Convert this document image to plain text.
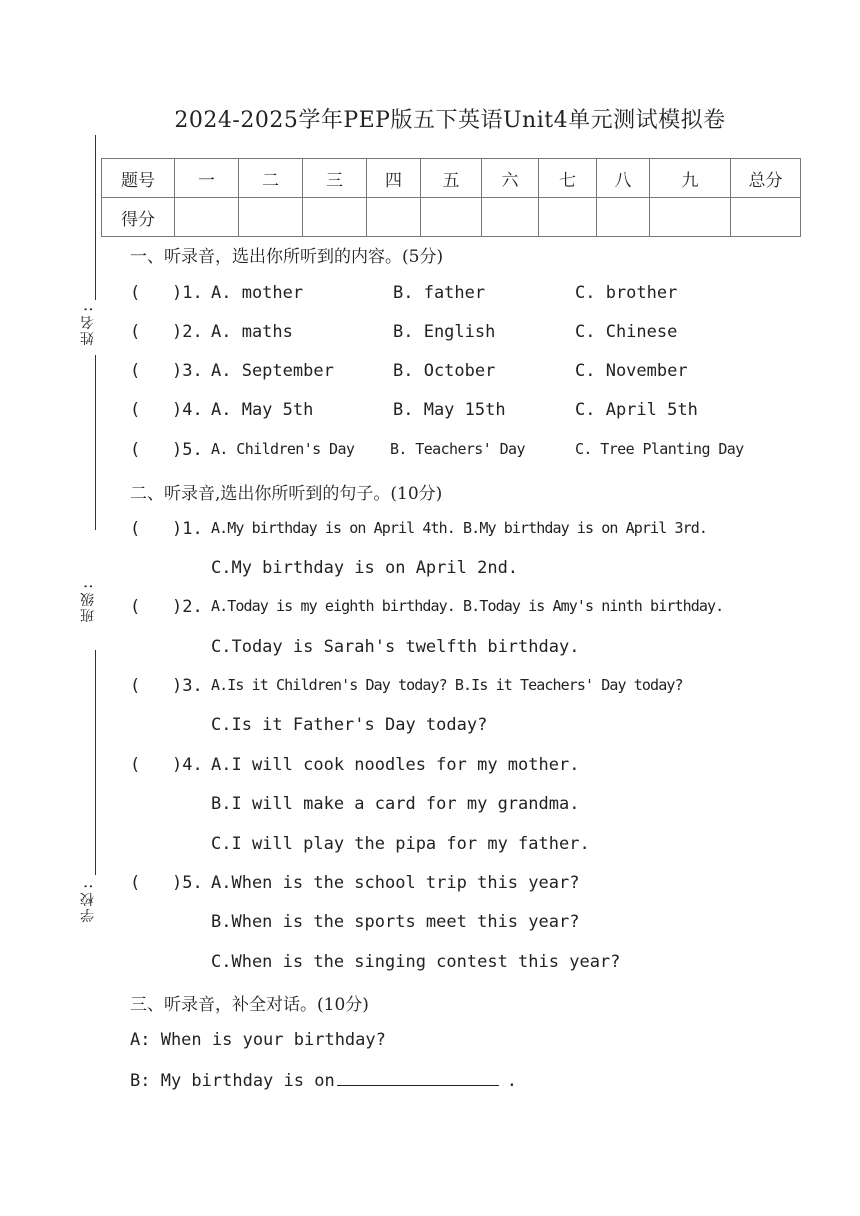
2024-2025学年PEP版五下英语Unit4单元测试模拟卷
姓名:
班级:
学校:
题号	一	二	三	四	五	六	七	八	九	总分
得分										
一、听录音，选出你所听到的内容。(5分)
( )1. A. mother	B. father	C. brother
( )2. A. maths	B. English	C. Chinese
( )3. A. September	B. October	C. November
( )4. A. May 5th	B. May 15th	C. April 5th
( )5. A. Children's Day B. Teachers' Day	C. Tree Planting Day
二、听录音,选出你所听到的句子。(10分)
( )1. A.My birthday is on April 4th. B.My birthday is on April 3rd.
C.My birthday is on April 2nd.
( )2. A.Today is my eighth birthday. B.Today is Amy's ninth birthday.
C.Today is Sarah's twelfth birthday.
( )3. A.Is it Children's Day today? B.Is it Teachers' Day today?
C.Is it Father's Day today?
( )4. A.I will cook noodles for my mother.
B.I will make a card for my grandma.
C.I will play the pipa for my father.
( )5. A.When is the school trip this year?
B.When is the sports meet this year?
C.When is the singing contest this year?
三、听录音，补全对话。(10分)
A: When is your birthday?
B: My birthday is on	.
